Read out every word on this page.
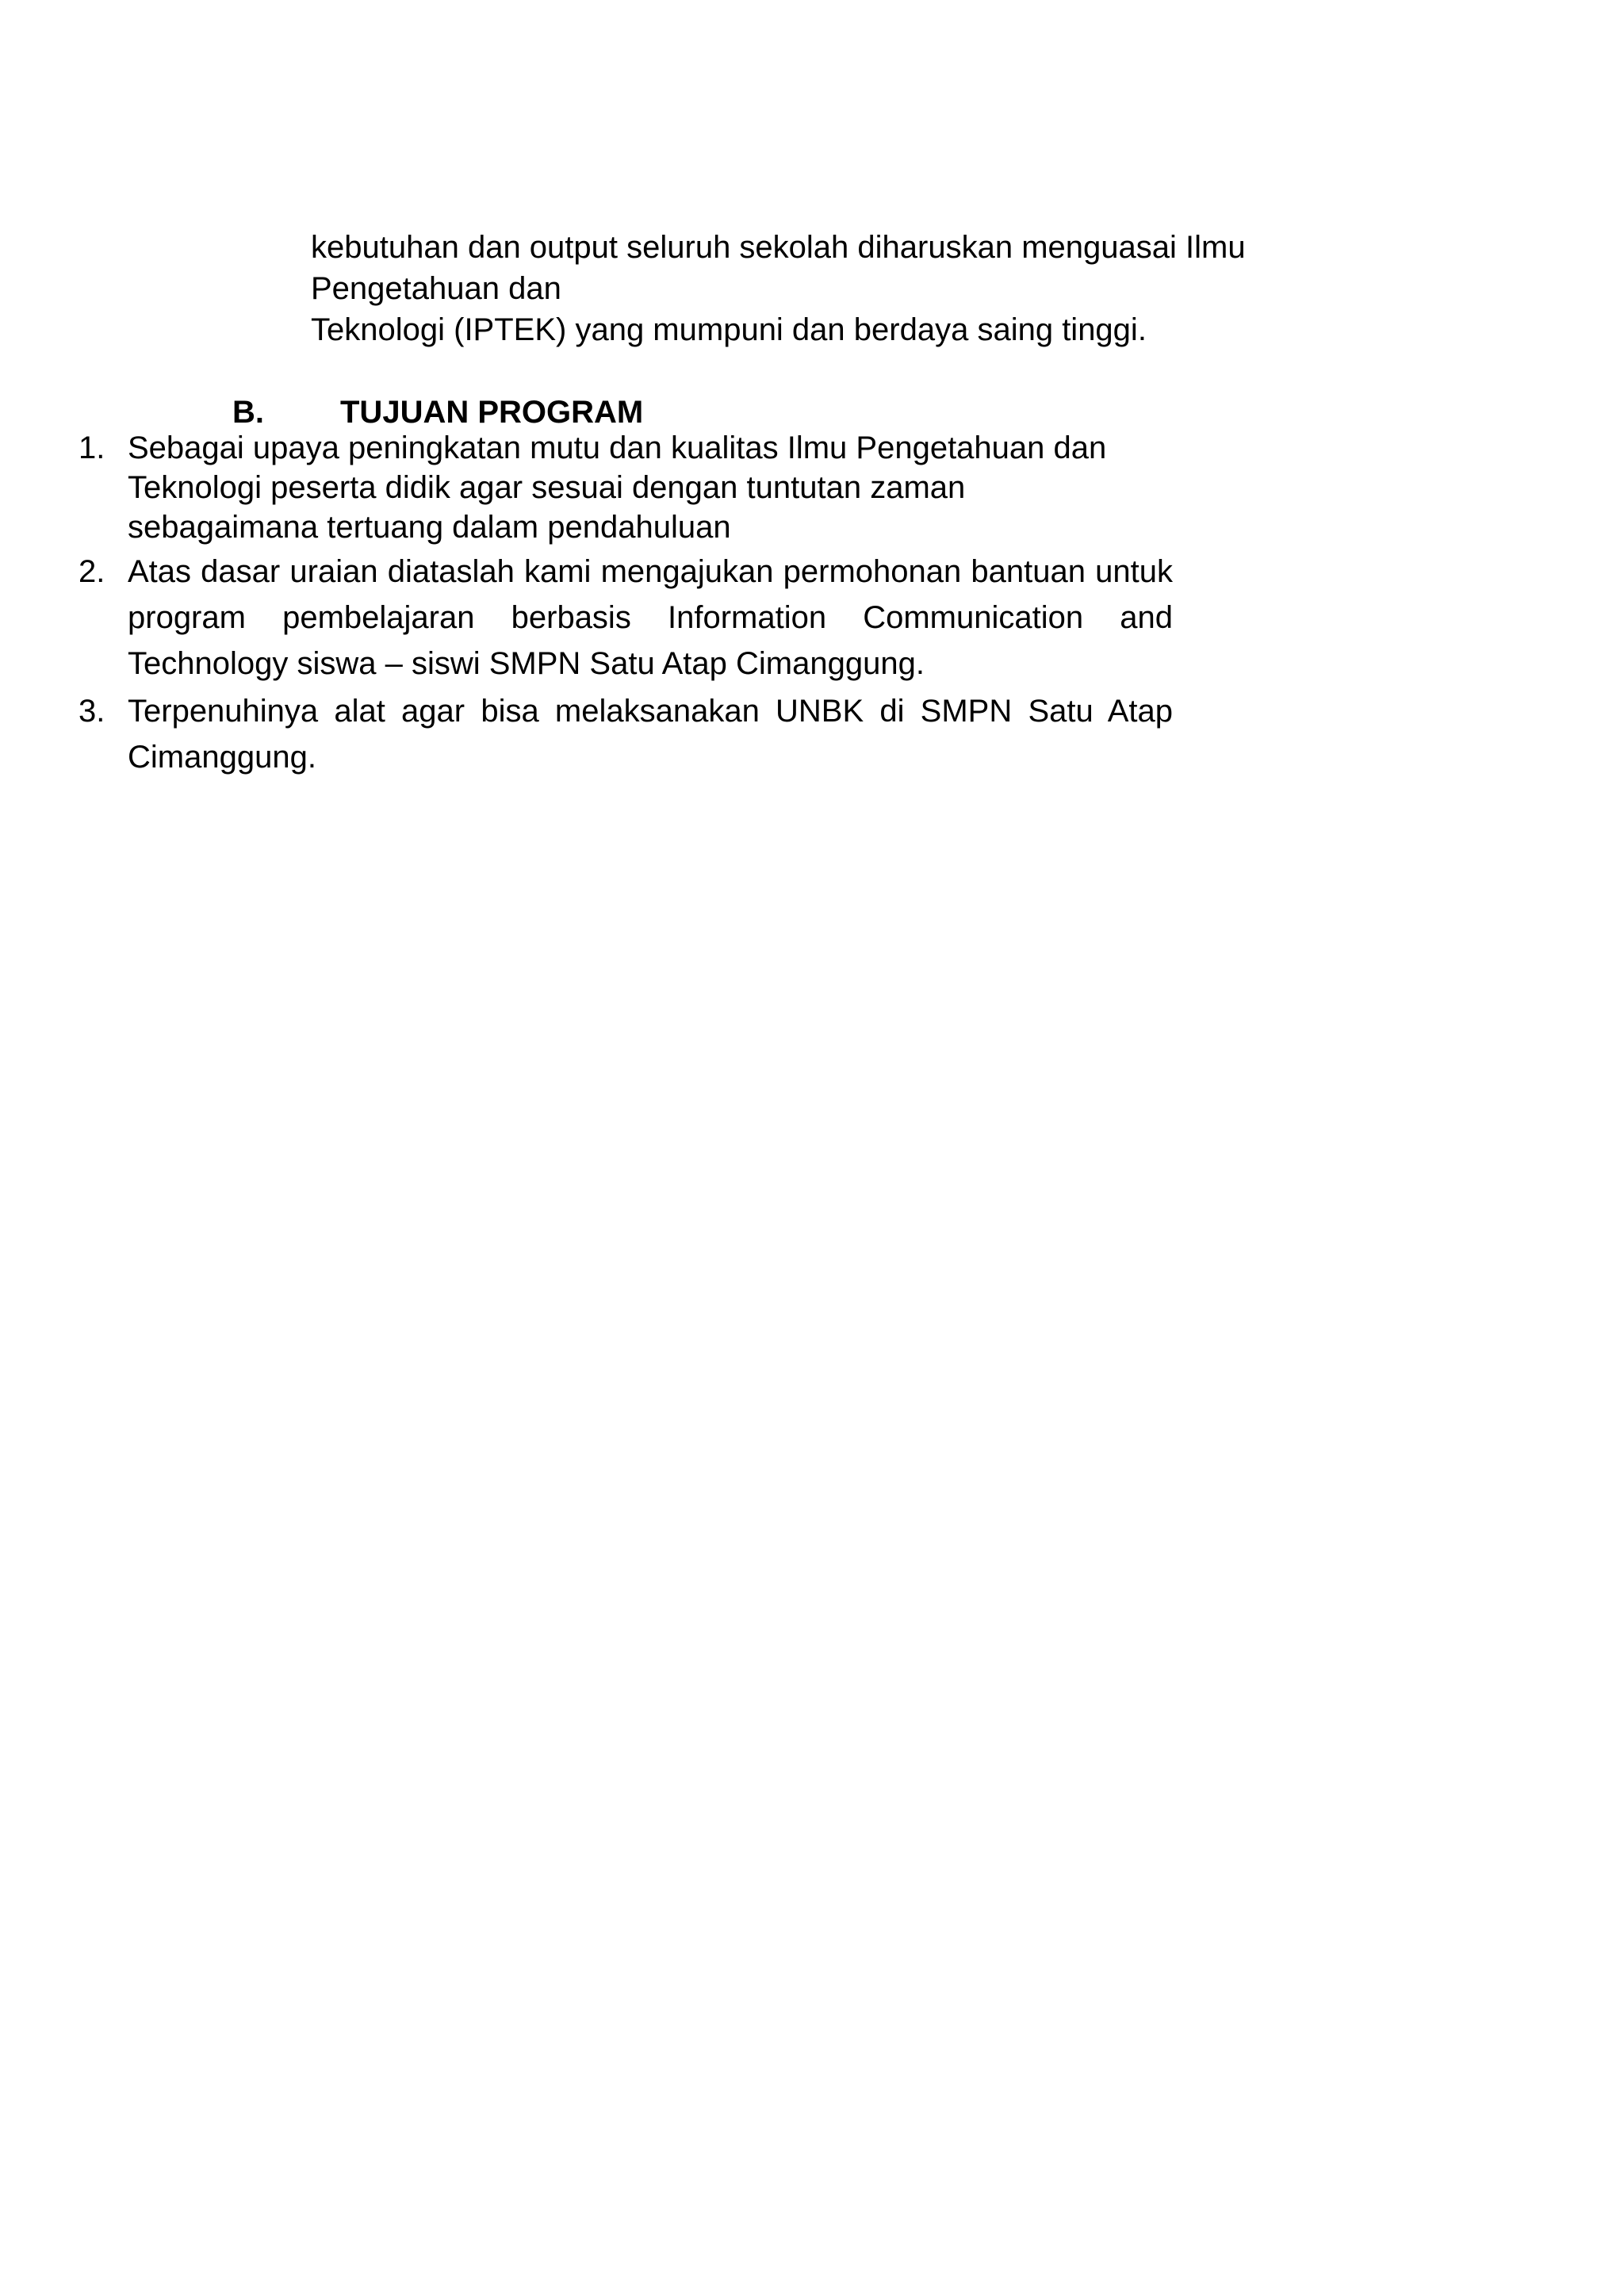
kebutuhan dan output seluruh sekolah diharuskan menguasai Ilmu
Pengetahuan dan
Teknologi (IPTEK) yang mumpuni dan berdaya saing tinggi.
B. TUJUAN PROGRAM
1. Sebagai upaya peningkatan mutu dan kualitas Ilmu Pengetahuan dan
Teknologi peserta didik agar sesuai dengan tuntutan zaman
sebagaimana tertuang dalam pendahuluan
2. Atas dasar uraian diataslah kami mengajukan permohonan bantuan untuk program pembelajaran berbasis Information Communication and Technology siswa – siswi SMPN Satu Atap Cimanggung.
3. Terpenuhinya alat agar bisa melaksanakan UNBK di SMPN Satu Atap Cimanggung.
